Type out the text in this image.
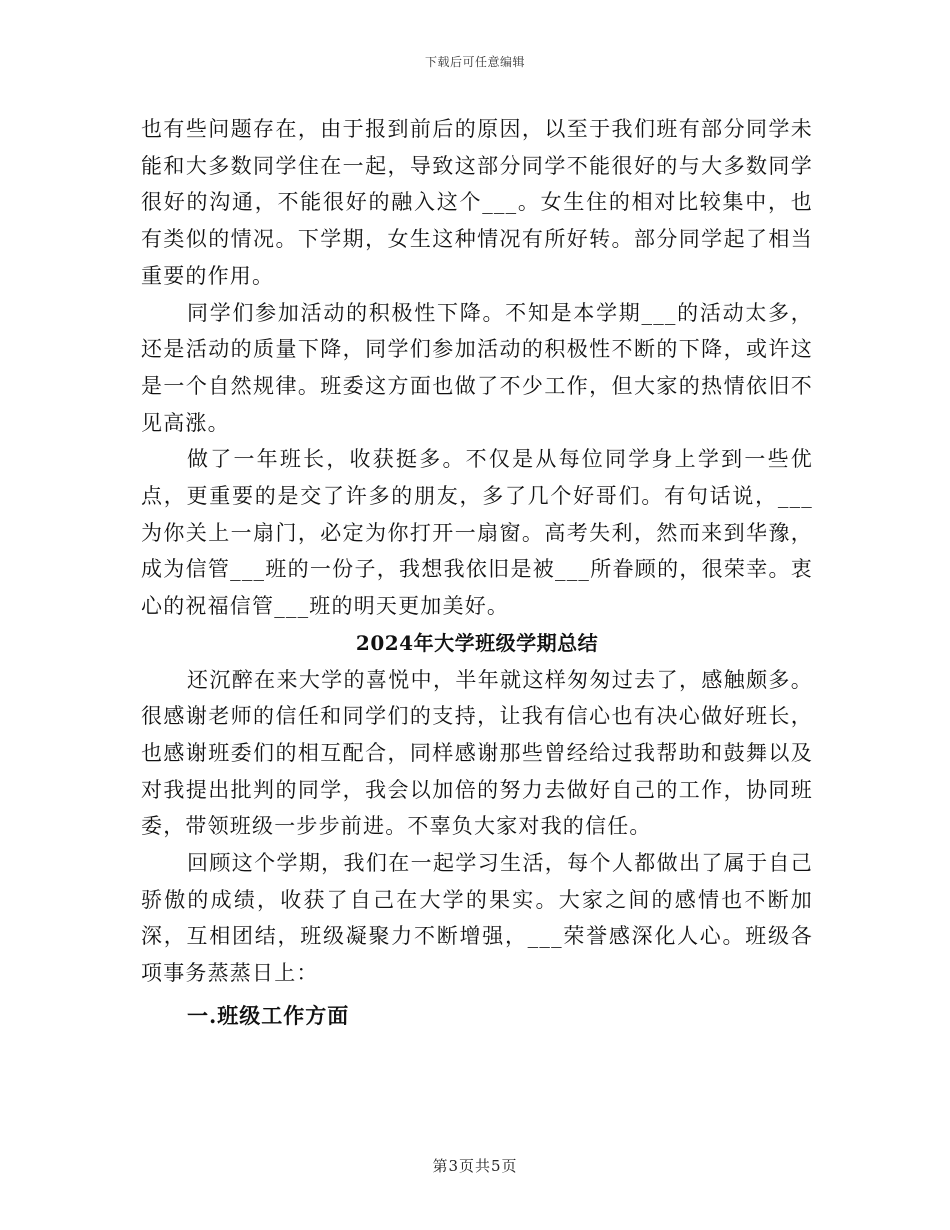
下载后可任意编辑

也有些问题存在，由于报到前后的原因，以至于我们班有部分同学未能和大多数同学住在一起，导致这部分同学不能很好的与大多数同学很好的沟通，不能很好的融入这个___。女生住的相对比较集中，也有类似的情况。下学期，女生这种情况有所好转。部分同学起了相当重要的作用。

同学们参加活动的积极性下降。不知是本学期___的活动太多，还是活动的质量下降，同学们参加活动的积极性不断的下降，或许这是一个自然规律。班委这方面也做了不少工作，但大家的热情依旧不见高涨。

做了一年班长，收获挺多。不仅是从每位同学身上学到一些优点，更重要的是交了许多的朋友，多了几个好哥们。有句话说，___为你关上一扇门，必定为你打开一扇窗。高考失利，然而来到华豫，成为信管___班的一份子，我想我依旧是被___所眷顾的，很荣幸。衷心的祝福信管___班的明天更加美好。

2024年大学班级学期总结

还沉醉在来大学的喜悦中，半年就这样匆匆过去了，感触颇多。很感谢老师的信任和同学们的支持，让我有信心也有决心做好班长，也感谢班委们的相互配合，同样感谢那些曾经给过我帮助和鼓舞以及对我提出批判的同学，我会以加倍的努力去做好自己的工作，协同班委，带领班级一步步前进。不辜负大家对我的信任。

回顾这个学期，我们在一起学习生活，每个人都做出了属于自己骄傲的成绩，收获了自己在大学的果实。大家之间的感情也不断加深，互相团结，班级凝聚力不断增强，___荣誉感深化人心。班级各项事务蒸蒸日上：

一.班级工作方面
第3页共5页
